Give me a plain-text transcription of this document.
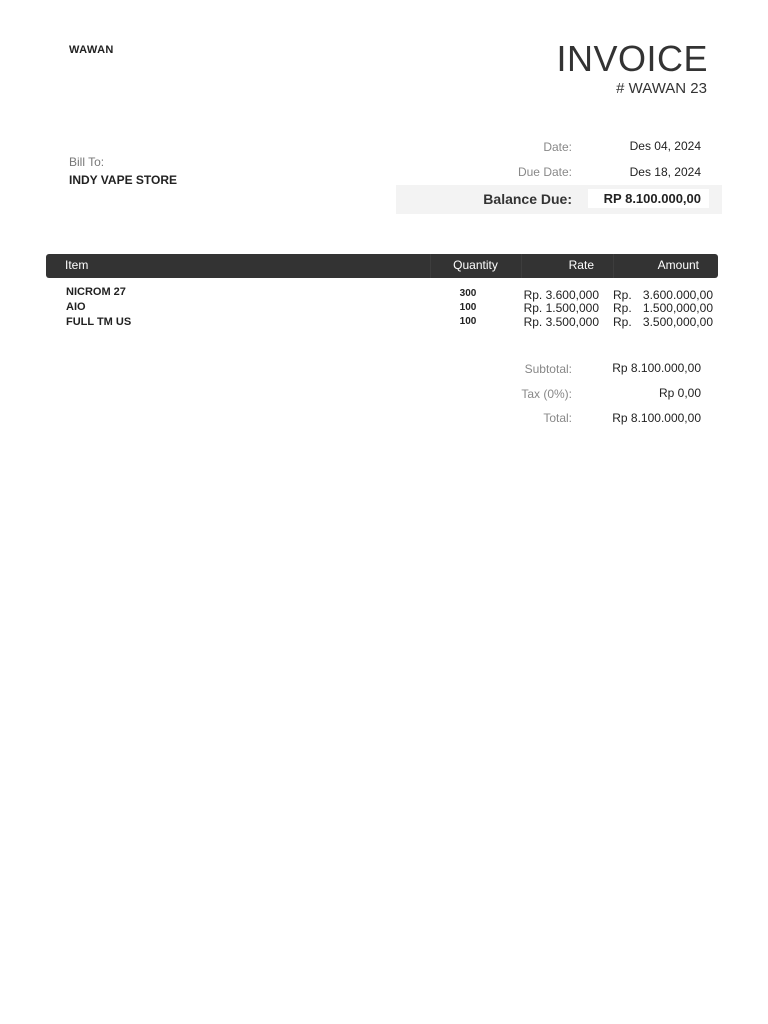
WAWAN	INVOICE
# WAWAN 23
Bill To:
INDY VAPE STORE
Date:	Des 04, 2024
Due Date:	Des 18, 2024
Balance Due: RP 8.100.000,00
Item	Quantity	Rate	Amount
NICROM 27	300	Rp. 3.600,000 Rp. 3.600.000,00
AIO	100	Rp. 1.500,000 Rp. 1.500,000,00
FULL TM US	100	Rp. 3.500,000 Rp. 3.500,000,00
Subtotal:	Rp 8.100.000,00
Tax (0%):	Rp 0,00
Total:	Rp 8.100.000,00
